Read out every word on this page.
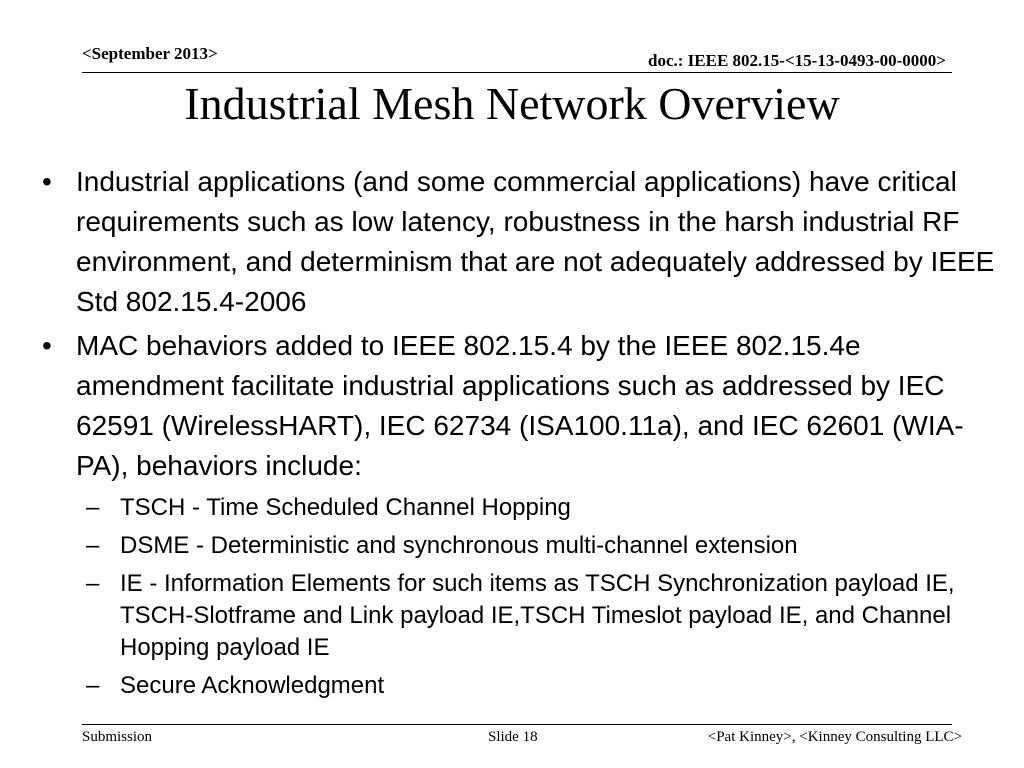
<September 2013>	doc.: IEEE 802.15-<15-13-0493-00-0000>
Industrial Mesh Network Overview
• Industrial applications (and some commercial applications) have critical requirements such as low latency, robustness in the harsh industrial RF environment, and determinism that are not adequately addressed by IEEE Std 802.15.4-2006
• MAC behaviors added to IEEE 802.15.4 by the IEEE 802.15.4e amendment facilitate industrial applications such as addressed by IEC 62591 (WirelessHART), IEC 62734 (ISA100.11a), and IEC 62601 (WIA-PA), behaviors include:
– TSCH - Time Scheduled Channel Hopping
– DSME - Deterministic and synchronous multi-channel extension
– IE - Information Elements for such items as TSCH Synchronization payload IE, TSCH-Slotframe and Link payload IE,TSCH Timeslot payload IE, and Channel Hopping payload IE
– Secure Acknowledgment
Submission	Slide 18	<Pat Kinney>, <Kinney Consulting LLC>
